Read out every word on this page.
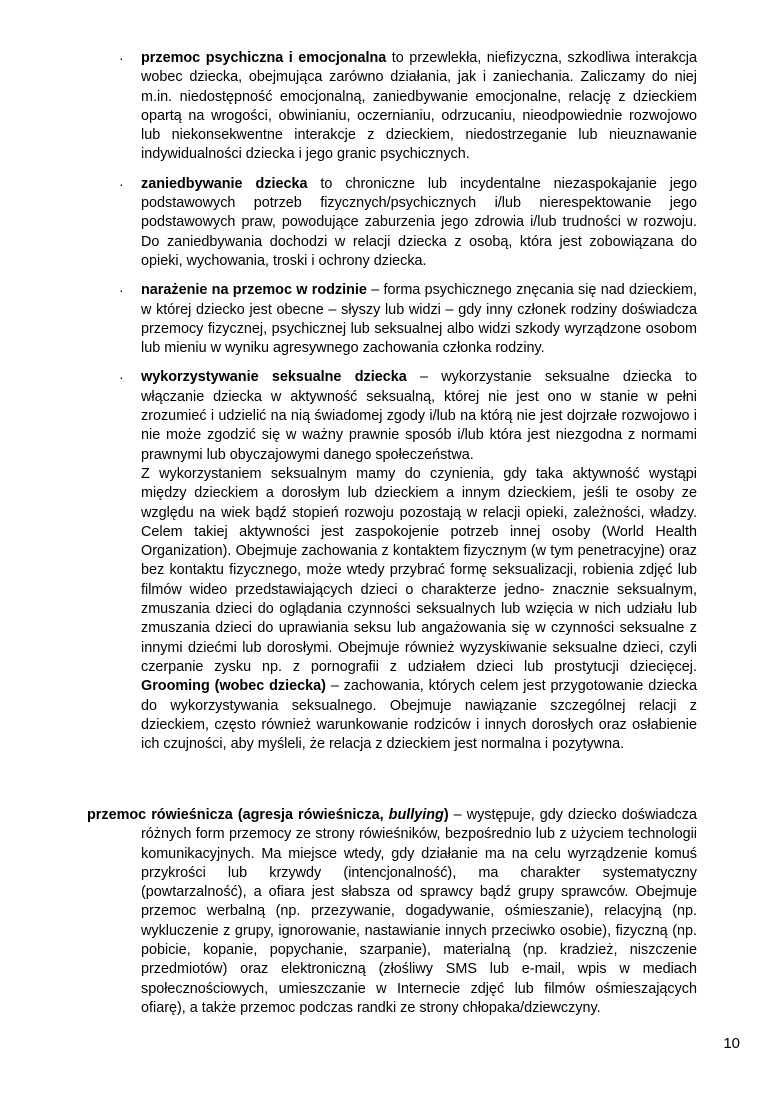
· przemoc psychiczna i emocjonalna to przewlekła, niefizyczna, szkodliwa interakcja wobec dziecka, obejmująca zarówno działania, jak i zaniechania. Zaliczamy do niej m.in. niedostępność emocjonalną, zaniedbywanie emocjonalne, relację z dzieckiem opartą na wrogości, obwinianiu, oczernianiu, odrzucaniu, nieodpowiednie rozwojowo lub niekonsekwentne interakcje z dzieckiem, niedostrzeganie lub nieuznawanie indywidualności dziecka i jego granic psychicznych.
· zaniedbywanie dziecka to chroniczne lub incydentalne niezaspokajanie jego podstawowych potrzeb fizycznych/psychicznych i/lub nierespektowanie jego podstawowych praw, powodujące zaburzenia jego zdrowia i/lub trudności w rozwoju. Do zaniedbywania dochodzi w relacji dziecka z osobą, która jest zobowiązana do opieki, wychowania, troski i ochrony dziecka.
· narażenie na przemoc w rodzinie – forma psychicznego znęcania się nad dzieckiem, w której dziecko jest obecne – słyszy lub widzi – gdy inny członek rodziny doświadcza przemocy fizycznej, psychicznej lub seksualnej albo widzi szkody wyrządzone osobom lub mieniu w wyniku agresywnego zachowania członka rodziny.
· wykorzystywanie seksualne dziecka – wykorzystanie seksualne dziecka to włączanie dziecka w aktywność seksualną, której nie jest ono w stanie w pełni zrozumieć i udzielić na nią świadomej zgody i/lub na którą nie jest dojrzałe rozwojowo i nie może zgodzić się w ważny prawnie sposób i/lub która jest niezgodna z normami prawnymi lub obyczajowymi danego społeczeństwa.
Z wykorzystaniem seksualnym mamy do czynienia, gdy taka aktywność wystąpi między dzieckiem a dorosłym lub dzieckiem a innym dzieckiem, jeśli te osoby ze względu na wiek bądź stopień rozwoju pozostają w relacji opieki, zależności, władzy. Celem takiej aktywności jest zaspokojenie potrzeb innej osoby (World Health Organization). Obejmuje zachowania z kontaktem fizycznym (w tym penetracyjne) oraz bez kontaktu fizycznego, może wtedy przybrać formę seksualizacji, robienia zdjęć lub filmów wideo przedstawiających dzieci o charakterze jedno- znacznie seksualnym, zmuszania dzieci do oglądania czynności seksualnych lub wzięcia w nich udziału lub zmuszania dzieci do uprawiania seksu lub angażowania się w czynności seksualne z innymi dziećmi lub dorosłymi. Obejmuje również wyzyskiwanie seksualne dzieci, czyli czerpanie zysku np. z pornografii z udziałem dzieci lub prostytucji dziecięcej. Grooming (wobec dziecka) – zachowania, których celem jest przygotowanie dziecka do wykorzystywania seksualnego. Obejmuje nawiązanie szczególnej relacji z dzieckiem, często również warunkowanie rodziców i innych dorosłych oraz osłabienie ich czujności, aby myśleli, że relacja z dzieckiem jest normalna i pozytywna.
przemoc rówieśnicza (agresja rówieśnicza, bullying) – występuje, gdy dziecko doświadcza różnych form przemocy ze strony rówieśników, bezpośrednio lub z użyciem technologii komunikacyjnych. Ma miejsce wtedy, gdy działanie ma na celu wyrządzenie komuś przykrości lub krzywdy (intencjonalność), ma charakter systematyczny (powtarzalność), a ofiara jest słabsza od sprawcy bądź grupy sprawców. Obejmuje przemoc werbalną (np. przezywanie, dogadywanie, ośmieszanie), relacyjną (np. wykluczenie z grupy, ignorowanie, nastawianie innych przeciwko osobie), fizyczną (np. pobicie, kopanie, popychanie, szarpanie), materialną (np. kradzież, niszczenie przedmiotów) oraz elektroniczną (złośliwy SMS lub e-mail, wpis w mediach społecznościowych, umieszczanie w Internecie zdjęć lub filmów ośmieszających ofiarę), a także przemoc podczas randki ze strony chłopaka/dziewczyny.
10
